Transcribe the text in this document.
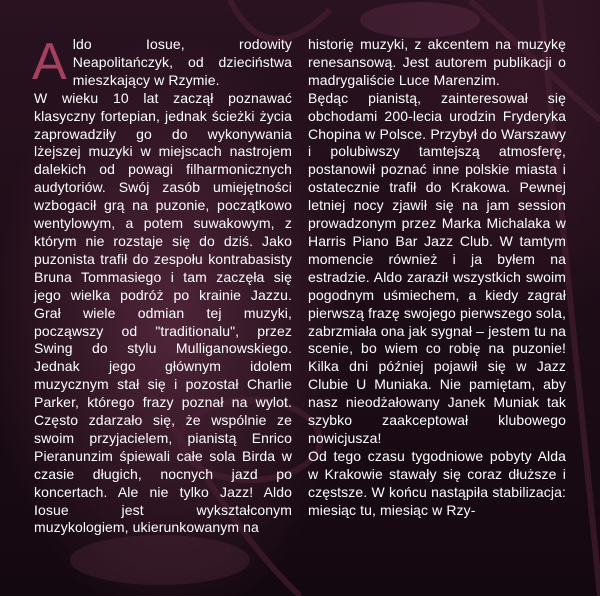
Aldo Iosue, rodowity Neapolitańczyk, od dzieciństwa mieszkający w Rzymie.

W wieku 10 lat zaczął poznawać klasyczny fortepian, jednak ścieżki życia zaprowadziły go do wykonywania lżejszej muzyki w miejscach nastrojem dalekich od powagi filharmonicznych audytoriów. Swój zasób umiejętności wzbogacił grą na puzonie, początkowo wentylowym, a potem suwakowym, z którym nie rozstaje się do dziś. Jako puzonista trafił do zespołu kontrabasisty Bruna Tommasiego i tam zaczęła się jego wielka podróż po krainie Jazzu. Grał wiele odmian tej muzyki, począwszy od "traditionalu", przez Swing do stylu Mulliganowskiego. Jednak jego głównym idolem muzycznym stał się i pozostał Charlie Parker, którego frazy poznał na wylot. Często zdarzało się, że wspólnie ze swoim przyjacielem, pianistą Enrico Pieranunzim śpiewali całe sola Birda w czasie długich, nocnych jazd po koncertach. Ale nie tylko Jazz! Aldo Iosue jest wykształconym muzykologiem, ukierunkowanym na

historię muzyki, z akcentem na muzykę renesansową. Jest autorem publikacji o madrygaliście Luce Marenzim.

Będąc pianistą, zainteresował się obchodami 200-lecia urodzin Fryderyka Chopina w Polsce. Przybył do Warszawy i polubiwszy tamtejszą atmosferę, postanowił poznać inne polskie miasta i ostatecznie trafił do Krakowa. Pewnej letniej nocy zjawił się na jam session prowadzonym przez Marka Michalaka w Harris Piano Bar Jazz Club. W tamtym momencie również i ja byłem na estradzie. Aldo zaraził wszystkich swoim pogodnym uśmiechem, a kiedy zagrał pierwszą frazę swojego pierwszego sola, zabrzmiała ona jak sygnał – jestem tu na scenie, bo wiem co robię na puzonie! Kilka dni później pojawił się w Jazz Clubie U Muniaka. Nie pamiętam, aby nasz nieodżałowany Janek Muniak tak szybko zaakceptował klubowego nowicjusza!

Od tego czasu tygodniowe pobyty Alda w Krakowie stawały się coraz dłuższe i częstsze. W końcu nastąpiła stabilizacja: miesiąc tu, miesiąc w Rzy-
